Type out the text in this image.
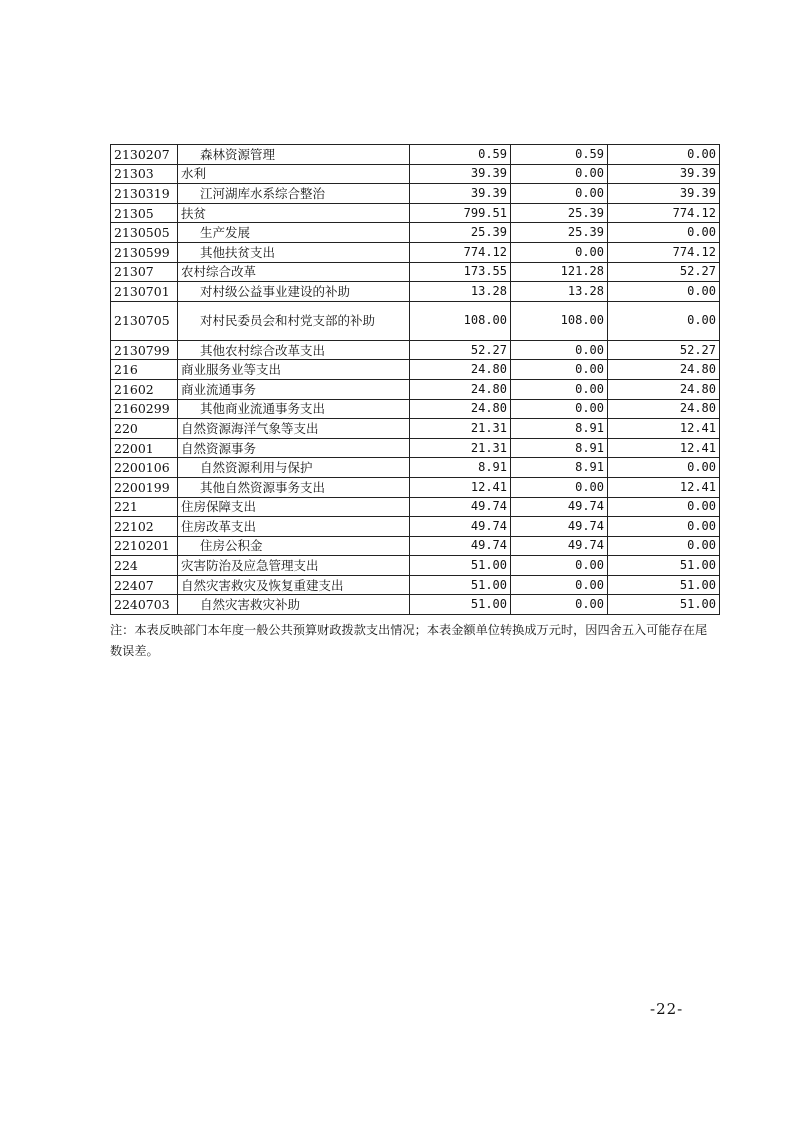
2130207	森林资源管理	0.59	0.59	0.00
21303	水利	39.39	0.00	39.39
2130319	江河湖库水系综合整治	39.39	0.00	39.39
21305	扶贫	799.51	25.39	774.12
2130505	生产发展	25.39	25.39	0.00
2130599	其他扶贫支出	774.12	0.00	774.12
21307	农村综合改革	173.55	121.28	52.27
2130701	对村级公益事业建设的补助	13.28	13.28	0.00
2130705	对村民委员会和村党支部的补助	108.00	108.00	0.00
2130799	其他农村综合改革支出	52.27	0.00	52.27
216	商业服务业等支出	24.80	0.00	24.80
21602	商业流通事务	24.80	0.00	24.80
2160299	其他商业流通事务支出	24.80	0.00	24.80
220	自然资源海洋气象等支出	21.31	8.91	12.41
22001	自然资源事务	21.31	8.91	12.41
2200106	自然资源利用与保护	8.91	8.91	0.00
2200199	其他自然资源事务支出	12.41	0.00	12.41
221	住房保障支出	49.74	49.74	0.00
22102	住房改革支出	49.74	49.74	0.00
2210201	住房公积金	49.74	49.74	0.00
224	灾害防治及应急管理支出	51.00	0.00	51.00
22407	自然灾害救灾及恢复重建支出	51.00	0.00	51.00
2240703	自然灾害救灾补助	51.00	0.00	51.00
注：本表反映部门本年度一般公共预算财政拨款支出情况；本表金额单位转换成万元时，因四舍五入可能存在尾数误差。
-22-
